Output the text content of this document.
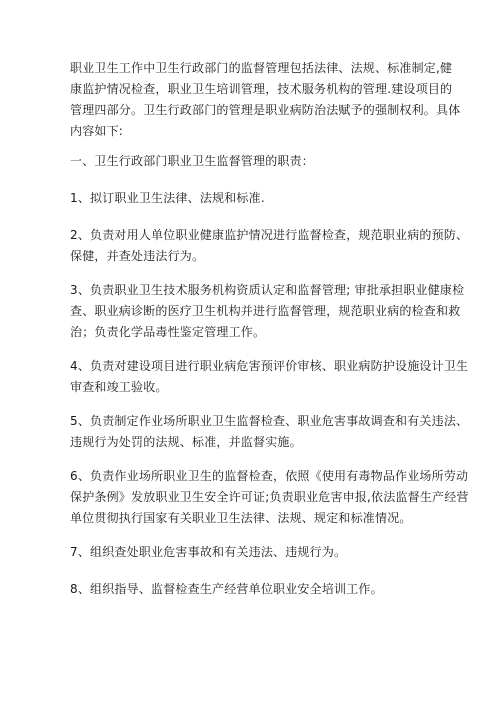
职业卫生工作中卫生行政部门的监督管理包括法律、法规、标准制定,健
康监护情况检查，职业卫生培训管理，技术服务机构的管理.建设项目的
管理四部分。卫生行政部门的管理是职业病防治法赋予的强制权利。具体
内容如下:
一、卫生行政部门职业卫生监督管理的职责：
1、拟订职业卫生法律、法规和标准.
2、负责对用人单位职业健康监护情况进行监督检查，规范职业病的预防、
保健，并查处违法行为。
3、负责职业卫生技术服务机构资质认定和监督管理; 审批承担职业健康检
查、职业病诊断的医疗卫生机构并进行监督管理，规范职业病的检查和救
治；负责化学品毒性鉴定管理工作。
4、负责对建设项目进行职业病危害预评价审核、职业病防护设施设计卫生
审查和竣工验收。
5、负责制定作业场所职业卫生监督检查、职业危害事故调查和有关违法、
违规行为处罚的法规、标准，并监督实施。
6、负责作业场所职业卫生的监督检查，依照《使用有毒物品作业场所劳动
保护条例》发放职业卫生安全许可证;负责职业危害申报,依法监督生产经营
单位贯彻执行国家有关职业卫生法律、法规、规定和标准情况。
7、组织查处职业危害事故和有关违法、违规行为。
8、组织指导、监督检查生产经营单位职业安全培训工作。
